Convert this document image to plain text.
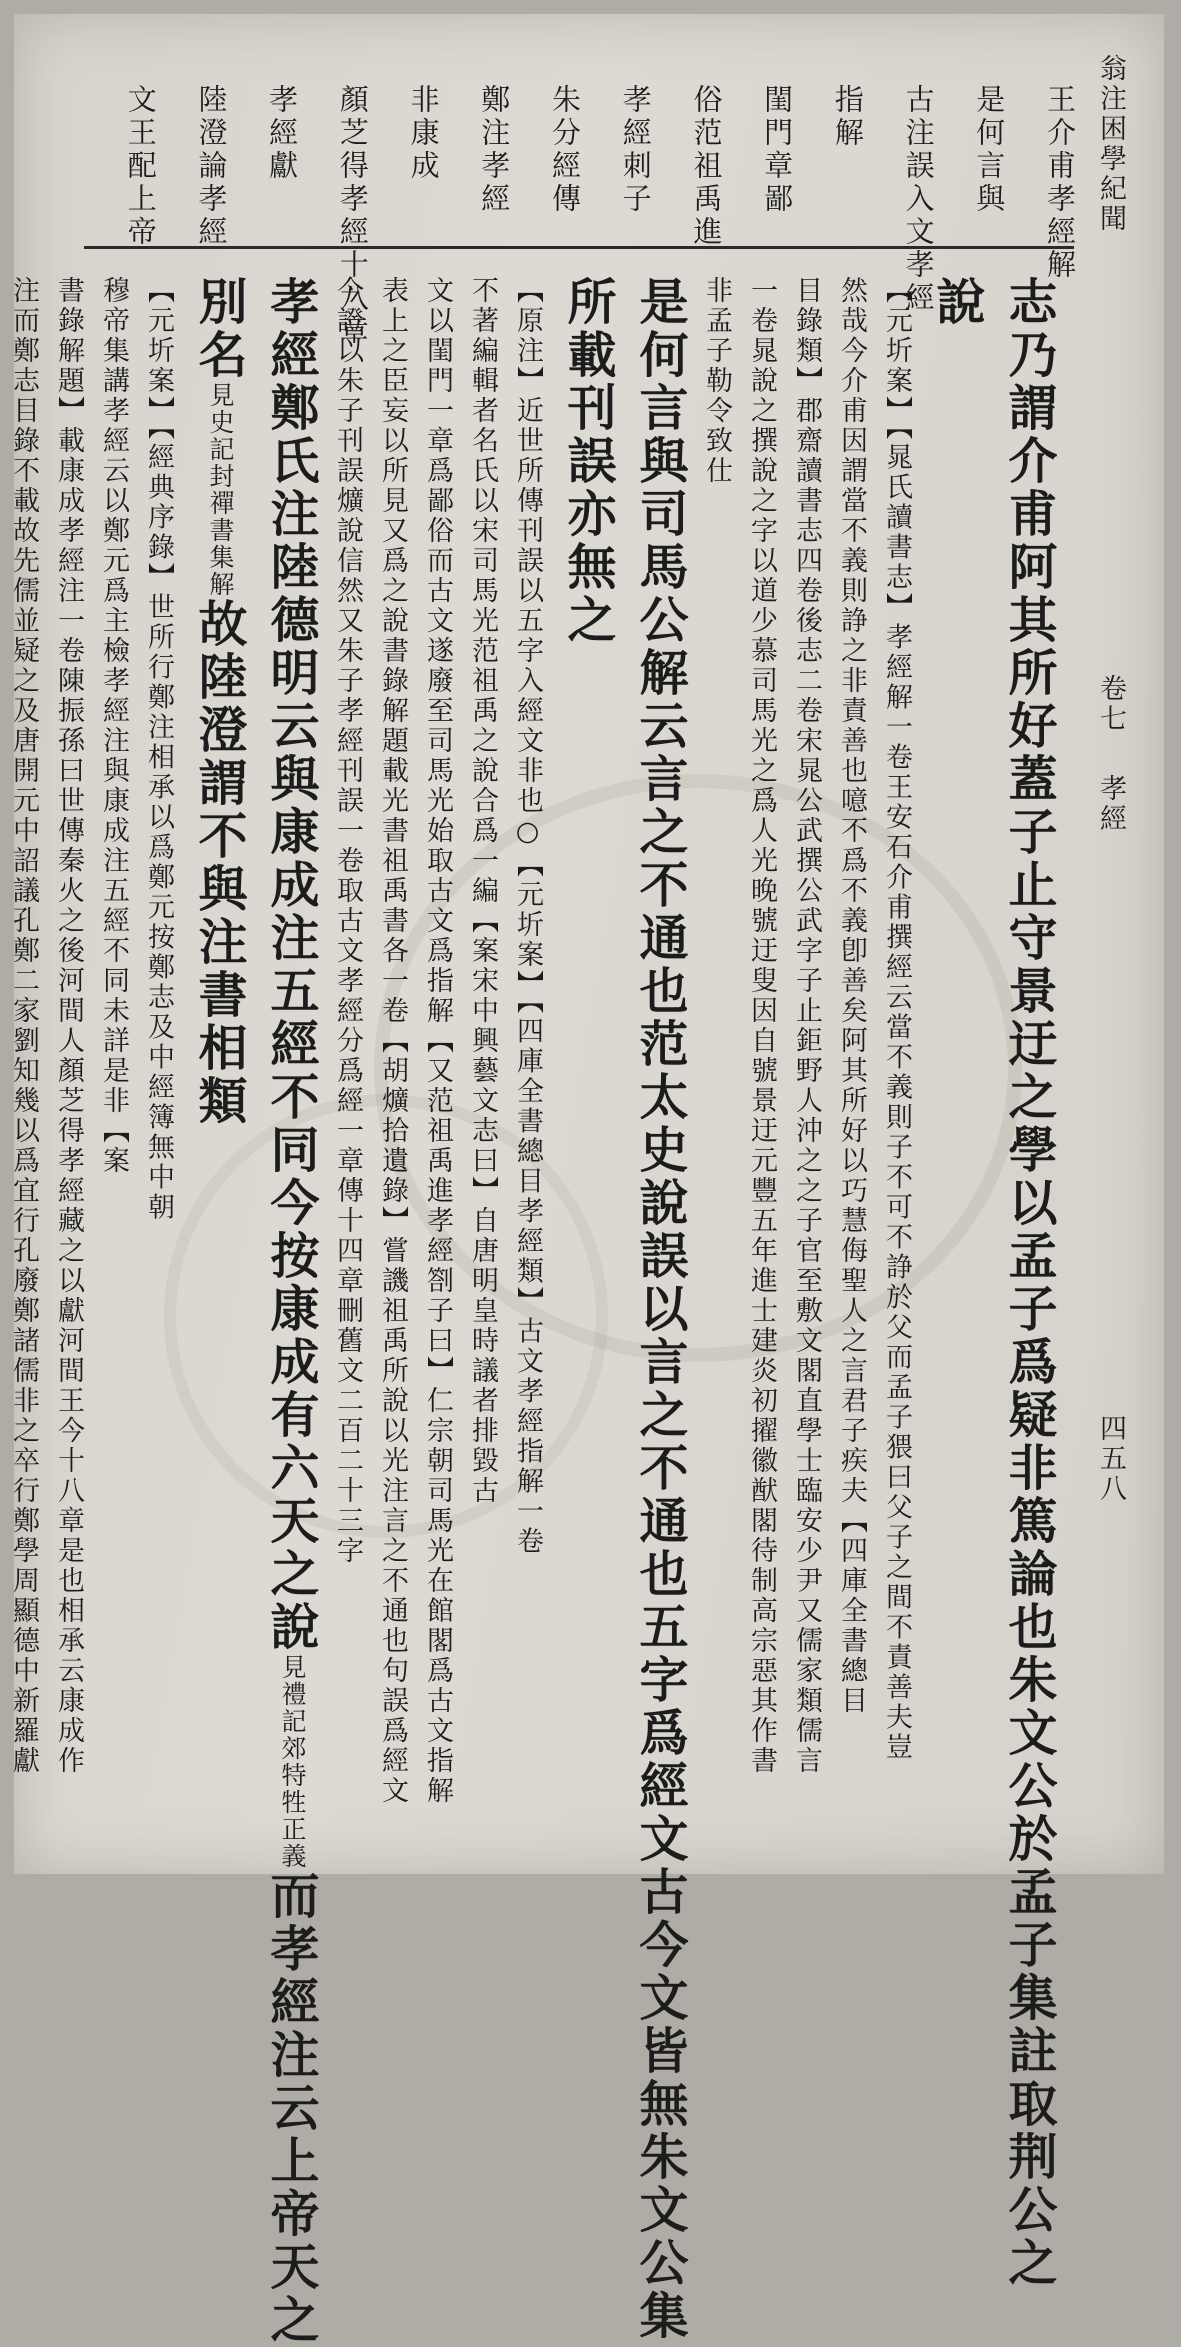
翁注困學紀聞
卷七
孝經
四五八
王介甫孝經解
是何言與
古注誤入文孝經
指解
閨門章鄙
俗范祖禹進
孝經刺子
朱分經傳
鄭注孝經
非康成
顏芝得孝經十八章
孝經獻
陸澄論孝經
文王配上帝
志乃謂介甫阿其所好蓋子止守景迂之學以孟子爲疑非篤論也朱文公於孟子集註取荆公之
說
【元圻案】【晁氏讀書志】孝經解一卷王安石介甫撰經云當不義則子不可不諍於父而孟子猥曰父子之間不責善夫豈
然哉今介甫因謂當不義則諍之非責善也噫不爲不義卽善矣阿其所好以巧慧侮聖人之言君子疾夫【四庫全書總目
目錄類】郡齋讀書志四卷後志二卷宋晁公武撰公武字子止鉅野人沖之之子官至敷文閣直學士臨安少尹又儒家類儒言
一卷晁說之撰說之字以道少慕司馬光之爲人光晚號迂叟因自號景迂元豐五年進士建炎初擢徽猷閣待制高宗惡其作書
非孟子勒令致仕
是何言與司馬公解云言之不通也范太史說誤以言之不通也五字爲經文古今文皆無朱文公集
所載刊誤亦無之
【原注】近世所傳刊誤以五字入經文非也○【元圻案】【四庫全書總目孝經類】古文孝經指解一卷
不著編輯者名氏以宋司馬光范祖禹之說合爲一編【案宋中興藝文志曰】自唐明皇時議者排毀古
文以閨門一章爲鄙俗而古文遂廢至司馬光始取古文爲指解【又范祖禹進孝經劄子曰】仁宗朝司馬光在館閣爲古文指解
表上之臣妄以所見又爲之說書錄解題載光書祖禹書各一卷【胡爌拾遺錄】嘗譏祖禹所說以光注言之不通也句誤爲經文
今證以朱子刊誤爌說信然又朱子孝經刊誤一卷取古文孝經分爲經一章傳十四章刪舊文二百二十三字
孝經鄭氏注陸德明云與康成注五經不同今按康成有六天之說見禮記郊特牲正義而孝經注云上帝天之
別名見史記封禪書集解故陸澄謂不與注書相類
【元圻案】【經典序錄】世所行鄭注相承以爲鄭元按鄭志及中經簿無中朝
穆帝集講孝經云以鄭元爲主檢孝經注與康成注五經不同未詳是非【案
書錄解題】載康成孝經注一卷陳振孫曰世傳秦火之後河間人顏芝得孝經藏之以獻河間王今十八章是也相承云康成作
注而鄭志目錄不載故先儒並疑之及唐開元中詔議孔鄭二家劉知幾以爲宜行孔廢鄭諸儒非之卒行鄭學周顯德中新羅獻
